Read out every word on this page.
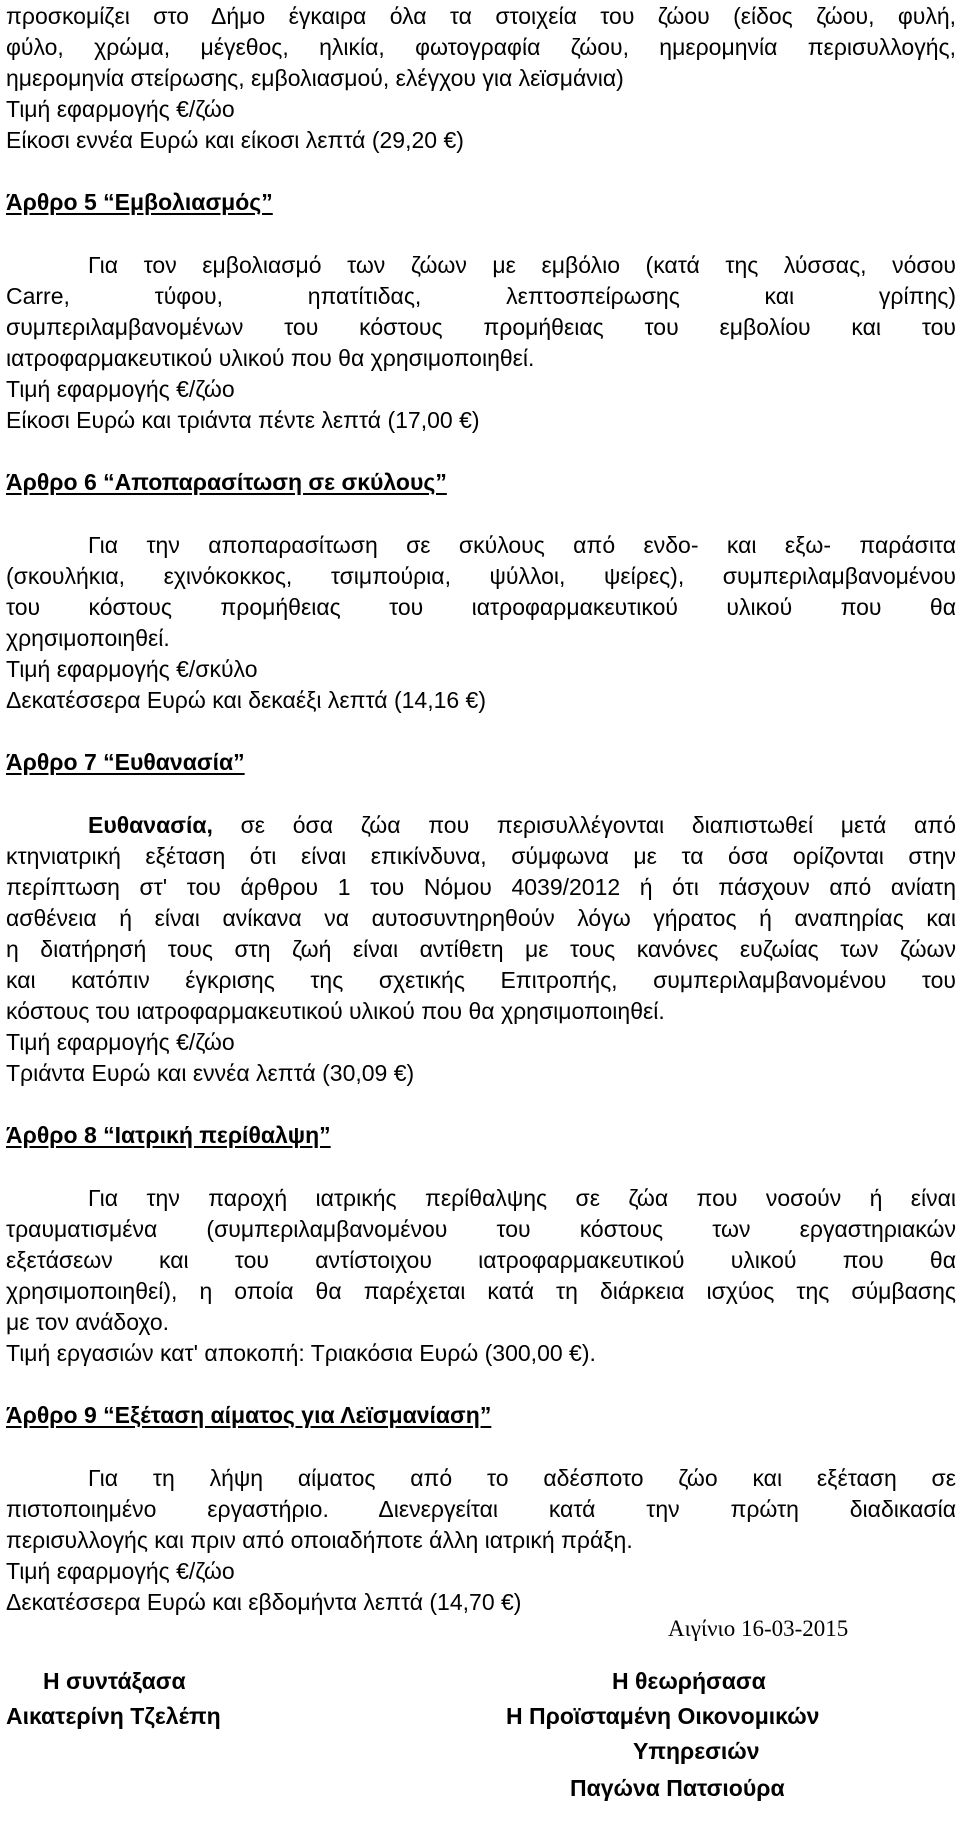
προσκομίζει στο Δήμο έγκαιρα όλα τα στοιχεία του ζώου (είδος ζώου, φυλή,
φύλο, χρώμα, μέγεθος, ηλικία, φωτογραφία ζώου, ημερομηνία περισυλλογής,
ημερομηνία στείρωσης, εμβολιασμού, ελέγχου για λεϊσμάνια)
Τιμή εφαρμογής €/ζώο
Είκοσι εννέα Ευρώ και είκοσι λεπτά (29,20 €)
Άρθρο 5 “Εμβολιασμός”
Για τον εμβολιασμό των ζώων με εμβόλιο (κατά της λύσσας, νόσου
Carre, τύφου, ηπατίτιδας, λεπτοσπείρωσης και γρίπης)
συμπεριλαμβανομένων του κόστους προμήθειας του εμβολίου και του
ιατροφαρμακευτικού υλικού που θα χρησιμοποιηθεί.
Τιμή εφαρμογής €/ζώο
Είκοσι Ευρώ και τριάντα πέντε λεπτά (17,00 €)
Άρθρο 6 “Αποπαρασίτωση σε σκύλους”
Για την αποπαρασίτωση σε σκύλους από ενδο- και εξω- παράσιτα
(σκουλήκια, εχινόκοκκος, τσιμπούρια, ψύλλοι, ψείρες), συμπεριλαμβανομένου
του κόστους προμήθειας του ιατροφαρμακευτικού υλικού που θα
χρησιμοποιηθεί.
Τιμή εφαρμογής €/σκύλο
Δεκατέσσερα Ευρώ και δεκαέξι λεπτά (14,16 €)
Άρθρο 7 “Ευθανασία”
Ευθανασία, σε όσα ζώα που περισυλλέγονται διαπιστωθεί μετά από
κτηνιατρική εξέταση ότι είναι επικίνδυνα, σύμφωνα με τα όσα ορίζονται στην
περίπτωση στ' του άρθρου 1 του Νόμου 4039/2012 ή ότι πάσχουν από ανίατη
ασθένεια ή είναι ανίκανα να αυτοσυντηρηθούν λόγω γήρατος ή αναπηρίας και
η διατήρησή τους στη ζωή είναι αντίθετη με τους κανόνες ευζωίας των ζώων
και κατόπιν έγκρισης της σχετικής Επιτροπής, συμπεριλαμβανομένου του
κόστους του ιατροφαρμακευτικού υλικού που θα χρησιμοποιηθεί.
Τιμή εφαρμογής €/ζώο
Τριάντα Ευρώ και εννέα λεπτά (30,09 €)
Άρθρο 8 “Ιατρική περίθαλψη”
Για την παροχή ιατρικής περίθαλψης σε ζώα που νοσούν ή είναι
τραυματισμένα (συμπεριλαμβανομένου του κόστους των εργαστηριακών
εξετάσεων και του αντίστοιχου ιατροφαρμακευτικού υλικού που θα
χρησιμοποιηθεί), η οποία θα παρέχεται κατά τη διάρκεια ισχύος της σύμβασης
με τον ανάδοχο.
Τιμή εργασιών κατ' αποκοπή: Τριακόσια Ευρώ (300,00 €).
Άρθρο 9 “Εξέταση αίματος για Λεϊσμανίαση”
Για τη λήψη αίματος από το αδέσποτο ζώο και εξέταση σε
πιστοποιημένο εργαστήριο. Διενεργείται κατά την πρώτη διαδικασία
περισυλλογής και πριν από οποιαδήποτε άλλη ιατρική πράξη.
Τιμή εφαρμογής €/ζώο
Δεκατέσσερα Ευρώ και εβδομήντα λεπτά (14,70 €)
Αιγίνιο 16-03-2015
Η συντάξασα
Αικατερίνη Τζελέπη
Η θεωρήσασα
Η Προϊσταμένη Οικονομικών
Υπηρεσιών
Παγώνα Πατσιούρα
